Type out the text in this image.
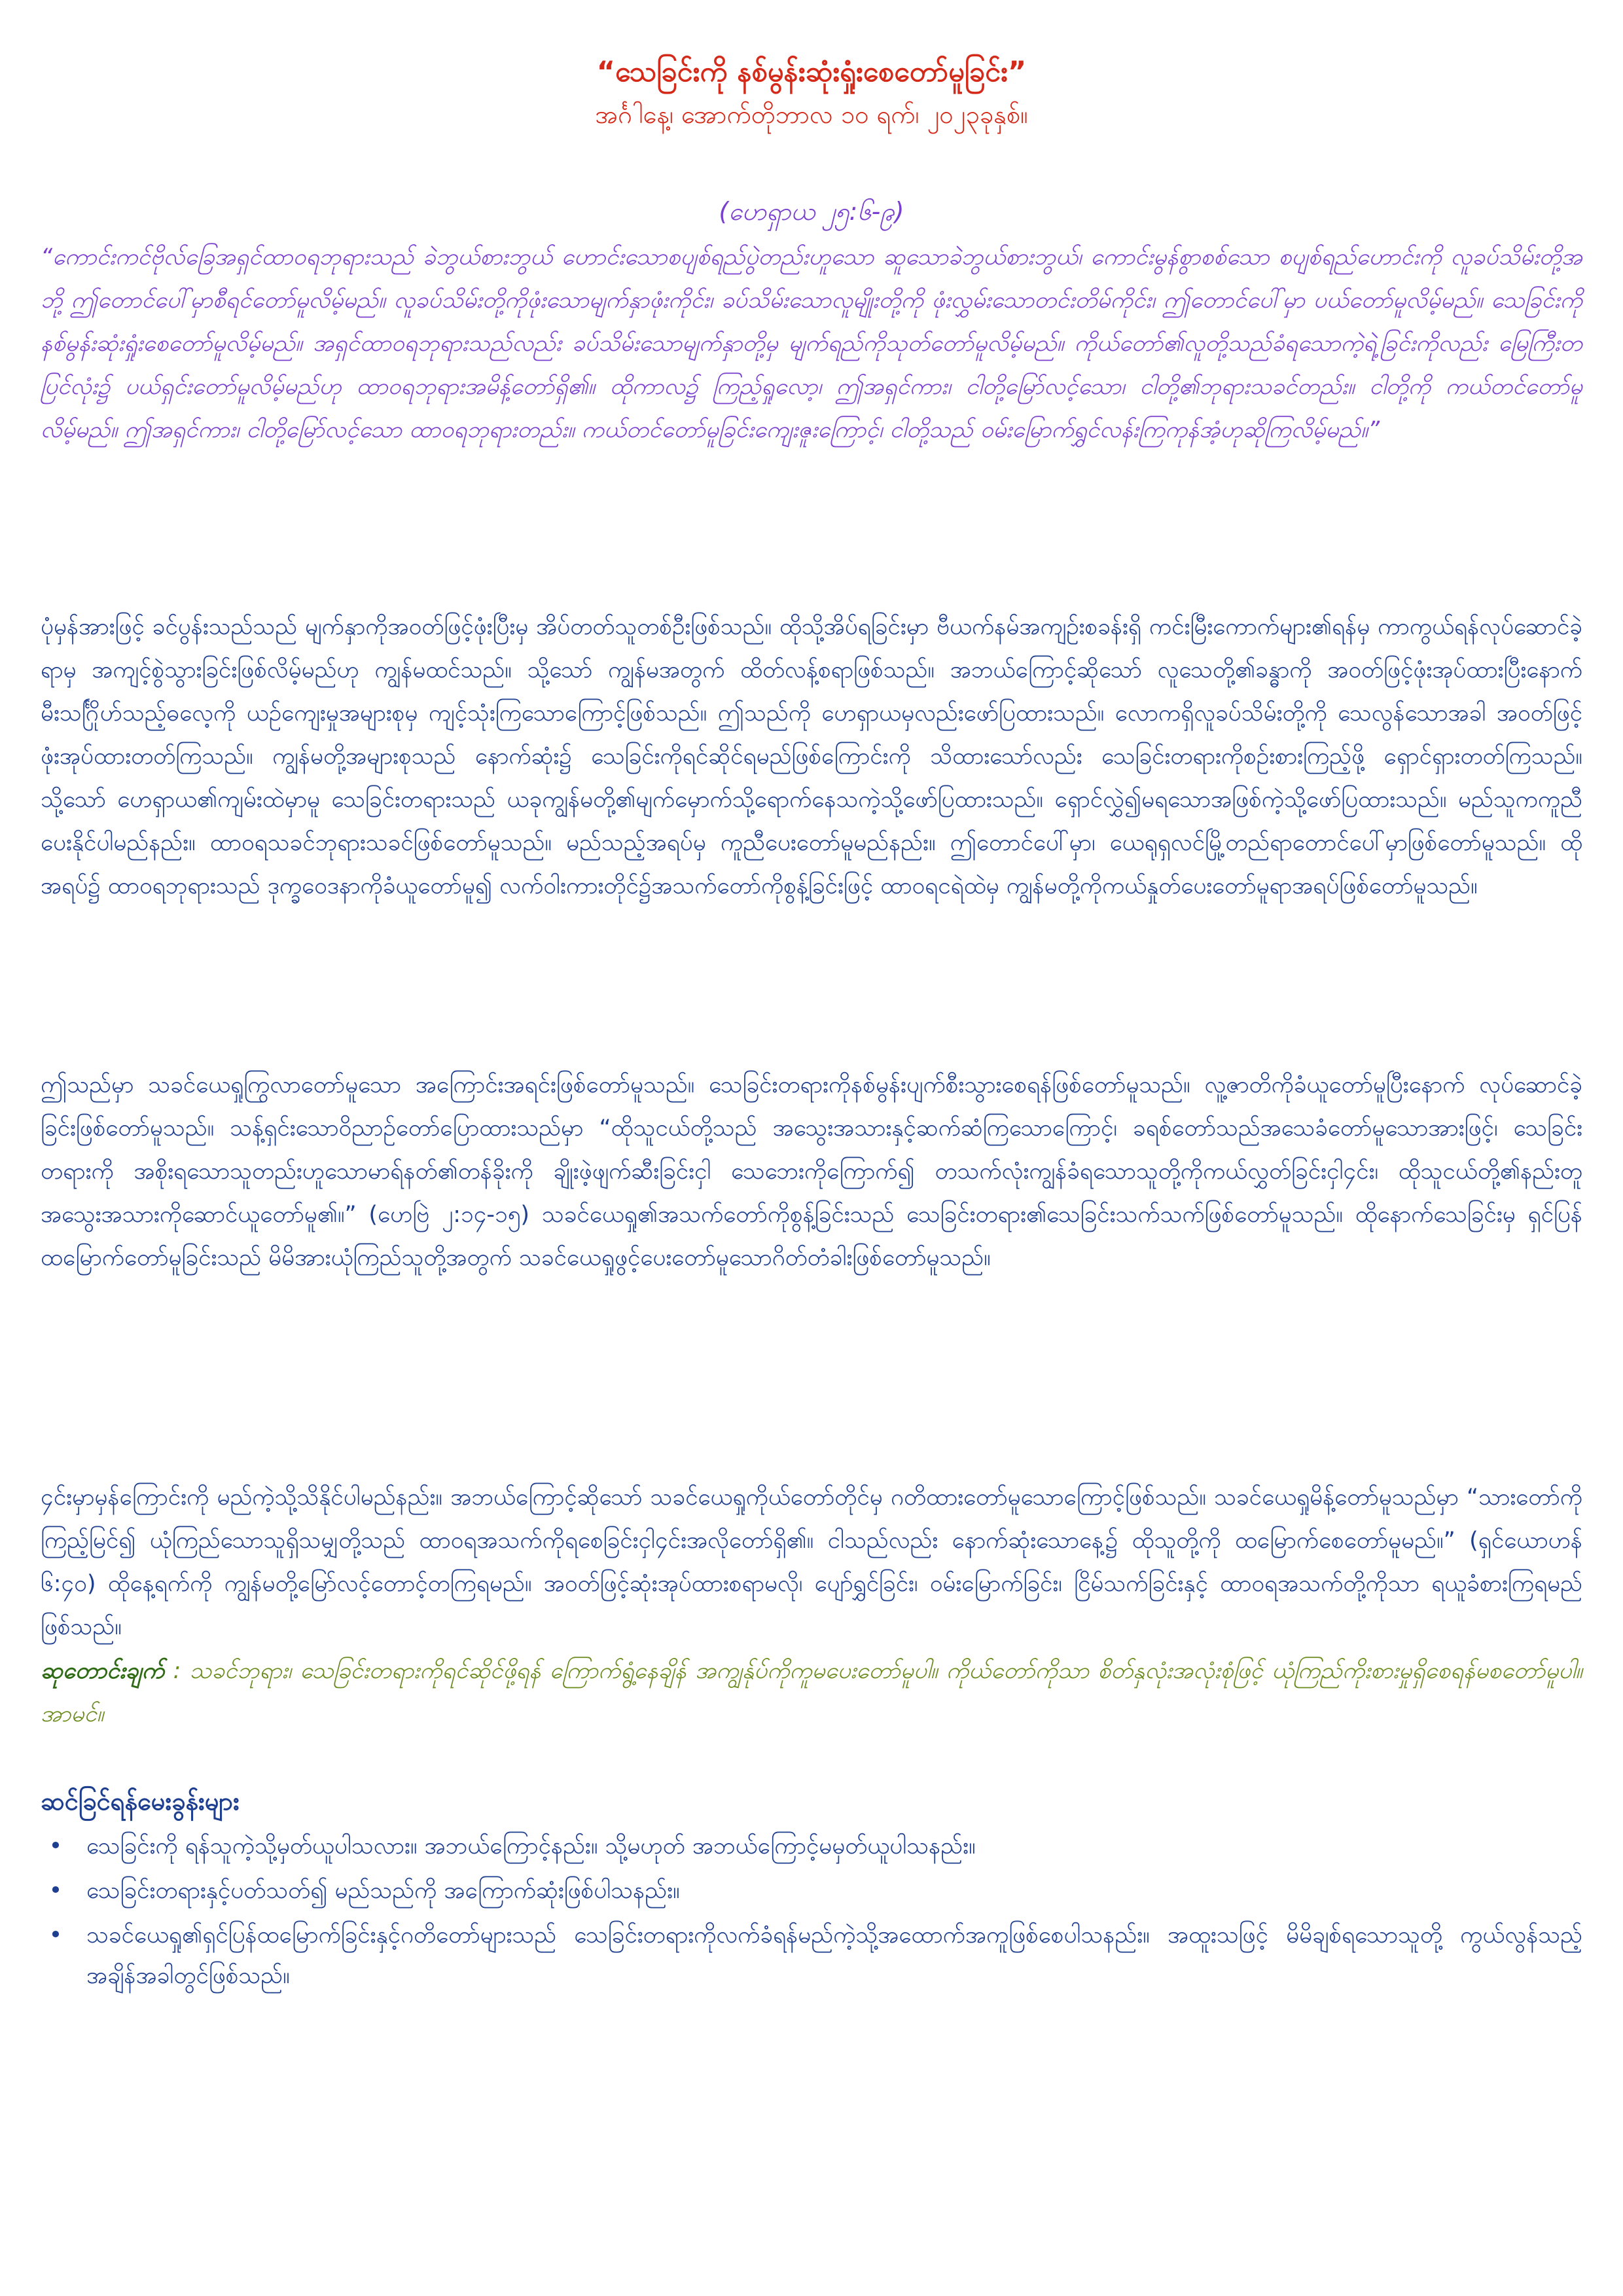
“သေခြင်းကို နစ်မွန်းဆုံးရှုံးစေတော်မူခြင်း”
အင်္ဂါနေ့၊ အောက်တိုဘာလ ၁၀ ရက်၊ ၂၀၂၃ခုနှစ်။
(ဟေရှာယ ၂၅:၆-၉)
“ကောင်းကင်ဗိုလ်ခြေအရှင်ထာဝရဘုရားသည် ခဲဘွယ်စားဘွယ် ဟောင်းသောစပျစ်ရည်ပွဲတည်းဟူသော ဆူသောခဲဘွယ်စားဘွယ်၊ ကောင်းမွန်စွာစစ်သော စပျစ်ရည်ဟောင်းကို လူခပ်သိမ်းတို့အဘို့ ဤတောင်ပေါ်မှာစီရင်တော်မူလိမ့်မည်။ လူခပ်သိမ်းတို့ကိုဖုံးသောမျက်နှာဖုံးကိုင်း၊ ခပ်သိမ်းသောလူမျိုးတို့ကို ဖုံးလွှမ်းသောတင်းတိမ်ကိုင်း၊ ဤတောင်ပေါ်မှာ ပယ်တော်မူလိမ့်မည်။ သေခြင်းကို နစ်မွန်းဆုံးရှုံးစေတော်မူလိမ့်မည်။ အရှင်ထာဝရဘုရားသည်လည်း ခပ်သိမ်းသောမျက်နှာတို့မှ မျက်ရည်ကိုသုတ်တော်မူလိမ့်မည်။ ကိုယ်တော်၏လူတို့သည်ခံရသောကဲ့ရဲ့ခြင်းကိုလည်း မြေကြီးတပြင်လုံး၌ ပယ်ရှင်းတော်မူလိမ့်မည်ဟု ထာဝရဘုရားအမိန့်တော်ရှိ၏။ ထိုကာလ၌ ကြည့်ရှုလော့၊ ဤအရှင်ကား၊ ငါတို့မြော်လင့်သော၊ ငါတို့၏ဘုရားသခင်တည်း။ ငါတို့ကို ကယ်တင်တော်မူလိမ့်မည်။ ဤအရှင်ကား၊ ငါတို့မြော်လင့်သော ထာဝရဘုရားတည်း။ ကယ်တင်တော်မူခြင်းကျေးဇူးကြောင့်၊ ငါတို့သည် ဝမ်းမြောက်ရွှင်လန်းကြကုန်အံ့ဟုဆိုကြလိမ့်မည်။”
ပုံမှန်အားဖြင့် ခင်ပွန်းသည်သည် မျက်နှာကိုအဝတ်ဖြင့်ဖုံးပြီးမှ အိပ်တတ်သူတစ်ဦးဖြစ်သည်။ ထိုသို့အိပ်ရခြင်းမှာ ဗီယက်နမ်အကျဉ်းစခန်းရှိ ကင်းမြီးကောက်များ၏ရန်မှ ကာကွယ်ရန်လုပ်ဆောင်ခဲ့ရာမှ အကျင့်စွဲသွားခြင်းဖြစ်လိမ့်မည်ဟု ကျွန်မထင်သည်။ သို့သော် ကျွန်မအတွက် ထိတ်လန့်စရာဖြစ်သည်။ အဘယ်ကြောင့်ဆိုသော် လူသေတို့၏ခန္ဓာကို အဝတ်ဖြင့်ဖုံးအုပ်ထားပြီးနောက် မီးသင်္ဂြိုဟ်သည့်ဓလေ့ကို ယဉ်ကျေးမှုအများစုမှ ကျင့်သုံးကြသောကြောင့်ဖြစ်သည်။ ဤသည်ကို ဟေရှာယမှလည်းဖော်ပြထားသည်။ လောကရှိလူခပ်သိမ်းတို့ကို သေလွန်သောအခါ အဝတ်ဖြင့်ဖုံးအုပ်ထားတတ်ကြသည်။ ကျွန်မတို့အများစုသည် နောက်ဆုံး၌ သေခြင်းကိုရင်ဆိုင်ရမည်ဖြစ်ကြောင်းကို သိထားသော်လည်း သေခြင်းတရားကိုစဉ်းစားကြည့်ဖို့ ရှောင်ရှားတတ်ကြသည်။ သို့သော် ဟေရှာယ၏ကျမ်းထဲမှာမူ သေခြင်းတရားသည် ယခုကျွန်မတို့၏မျက်မှောက်သို့ရောက်နေသကဲ့သို့ဖော်ပြထားသည်။ ရှောင်လွှဲ၍မရသောအဖြစ်ကဲ့သို့ဖော်ပြထားသည်။ မည်သူကကူညီပေးနိုင်ပါမည်နည်း။ ထာဝရသခင်ဘုရားသခင်ဖြစ်တော်မူသည်။ မည်သည့်အရပ်မှ ကူညီပေးတော်မူမည်နည်း။ ဤတောင်ပေါ်မှာ၊ ယေရုရှလင်မြို့တည်ရာတောင်ပေါ်မှာဖြစ်တော်မူသည်။ ထိုအရပ်၌ ထာဝရဘုရားသည် ဒုက္ခဝေဒနာကိုခံယူတော်မူ၍ လက်ဝါးကားတိုင်၌အသက်တော်ကိုစွန့်ခြင်းဖြင့် ထာဝရငရဲထဲမှ ကျွန်မတို့ကိုကယ်နှုတ်ပေးတော်မူရာအရပ်ဖြစ်တော်မူသည်။
ဤသည်မှာ သခင်ယေရှုကြွလာတော်မူသော အကြောင်းအရင်းဖြစ်တော်မူသည်။ သေခြင်းတရားကိုနစ်မွန်းပျက်စီးသွားစေရန်ဖြစ်တော်မူသည်။ လူ့ဇာတိကိုခံယူတော်မူပြီးနောက် လုပ်ဆောင်ခဲ့ခြင်းဖြစ်တော်မူသည်။ သန့်ရှင်းသောဝိညာဉ်တော်ပြောထားသည်မှာ “ထိုသူငယ်တို့သည် အသွေးအသားနှင့်ဆက်ဆံကြသောကြောင့်၊ ခရစ်တော်သည်အသေခံတော်မူသောအားဖြင့်၊ သေခြင်းတရားကို အစိုးရသောသူတည်းဟူသောမာရ်နတ်၏တန်ခိုးကို ချိုးဖဲ့ဖျက်ဆီးခြင်းငှါ သေဘေးကိုကြောက်၍ တသက်လုံးကျွန်ခံရသောသူတို့ကိုကယ်လွှတ်ခြင်းငှါ၄င်း၊ ထိုသူငယ်တို့၏နည်းတူ အသွေးအသားကိုဆောင်ယူတော်မူ၏။” (ဟေဗြဲ ၂:၁၄-၁၅) သခင်ယေရှု၏အသက်တော်ကိုစွန့်ခြင်းသည် သေခြင်းတရား၏သေခြင်းသက်သက်ဖြစ်တော်မူသည်။ ထိုနောက်သေခြင်းမှ ရှင်ပြန်ထမြောက်တော်မူခြင်းသည် မိမိအားယုံကြည်သူတို့အတွက် သခင်ယေရှုဖွင့်ပေးတော်မူသောဂိတ်တံခါးဖြစ်တော်မူသည်။
၄င်းမှာမှန်ကြောင်းကို မည်ကဲ့သို့သိနိုင်ပါမည်နည်း။ အဘယ်ကြောင့်ဆိုသော် သခင်ယေရှုကိုယ်တော်တိုင်မှ ဂတိထားတော်မူသောကြောင့်ဖြစ်သည်။ သခင်ယေရှုမိန့်တော်မူသည်မှာ “သားတော်ကိုကြည့်မြင်၍ ယုံကြည်သောသူရှိသမျှတို့သည် ထာဝရအသက်ကိုရစေခြင်းငှါ၄င်းအလိုတော်ရှိ၏။ ငါသည်လည်း နောက်ဆုံးသောနေ့၌ ထိုသူတို့ကို ထမြောက်စေတော်မူမည်။” (ရှင်ယောဟန် ၆:၄၀) ထိုနေ့ရက်ကို ကျွန်မတို့မြော်လင့်တောင့်တကြရမည်။ အဝတ်ဖြင့်ဆုံးအုပ်ထားစရာမလို၊ ပျော်ရွှင်ခြင်း၊ ဝမ်းမြောက်ခြင်း၊ ငြိမ်သက်ခြင်းနှင့် ထာဝရအသက်တို့ကိုသာ ရယူခံစားကြရမည်ဖြစ်သည်။
ဆုတောင်းချက် : သခင်ဘုရား၊ သေခြင်းတရားကိုရင်ဆိုင်ဖို့ရန် ကြောက်ရွံ့နေချိန် အကျွန်ုပ်ကိုကူမပေးတော်မူပါ။ ကိုယ်တော်ကိုသာ စိတ်နှလုံးအလုံးစုံဖြင့် ယုံကြည်ကိုးစားမှုရှိစေရန်မစတော်မူပါ။ အာမင်။
ဆင်ခြင်ရန်မေးခွန်းများ
• သေခြင်းကို ရန်သူကဲ့သို့မှတ်ယူပါသလား။ အဘယ်ကြောင့်နည်း။ သို့မဟုတ် အဘယ်ကြောင့်မမှတ်ယူပါသနည်း။
• သေခြင်းတရားနှင့်ပတ်သတ်၍ မည်သည်ကို အကြောက်ဆုံးဖြစ်ပါသနည်း။
• သခင်ယေရှု၏ရှင်ပြန်ထမြောက်ခြင်းနှင့်ဂတိတော်များသည် သေခြင်းတရားကိုလက်ခံရန်မည်ကဲ့သို့အထောက်အကူဖြစ်စေပါသနည်း။ အထူးသဖြင့် မိမိချစ်ရသောသူတို့ ကွယ်လွန်သည့်အချိန်အခါတွင်ဖြစ်သည်။
